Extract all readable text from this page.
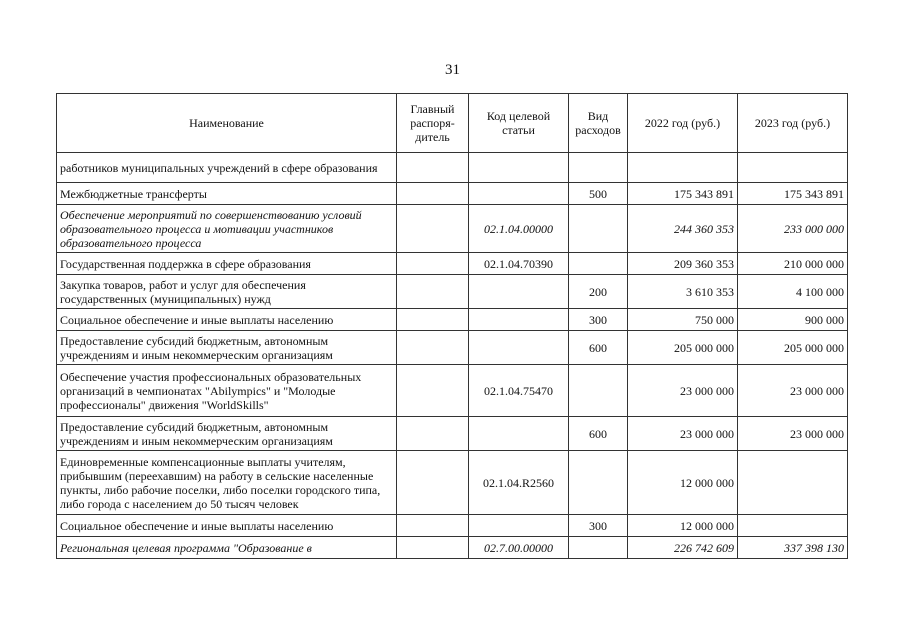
31
Наименование	Главный распоря-дитель	Код целевой статьи	Вид расходов	2022 год (руб.)	2023 год (руб.)
работников муниципальных учреждений в сфере образования					
Межбюджетные трансферты			500	175 343 891	175 343 891
Обеспечение мероприятий по совершенствованию условий образовательного процесса и мотивации участников образовательного процесса		02.1.04.00000		244 360 353	233 000 000
Государственная поддержка в сфере образования		02.1.04.70390		209 360 353	210 000 000
Закупка товаров, работ и услуг для обеспечения государственных (муниципальных) нужд			200	3 610 353	4 100 000
Социальное обеспечение и иные выплаты населению			300	750 000	900 000
Предоставление субсидий бюджетным, автономным учреждениям и иным некоммерческим организациям			600	205 000 000	205 000 000
Обеспечение участия профессиональных образовательных организаций в чемпионатах "Abilympics" и "Молодые профессионалы" движения "WorldSkills"		02.1.04.75470		23 000 000	23 000 000
Предоставление субсидий бюджетным, автономным учреждениям и иным некоммерческим организациям			600	23 000 000	23 000 000
Единовременные компенсационные выплаты учителям, прибывшим (переехавшим) на работу в сельские населенные пункты, либо рабочие поселки, либо поселки городского типа, либо города с населением до 50 тысяч человек		02.1.04.R2560		12 000 000	
Социальное обеспечение и иные выплаты населению			300	12 000 000	
Региональная целевая программа "Образование в		02.7.00.00000		226 742 609	337 398 130
